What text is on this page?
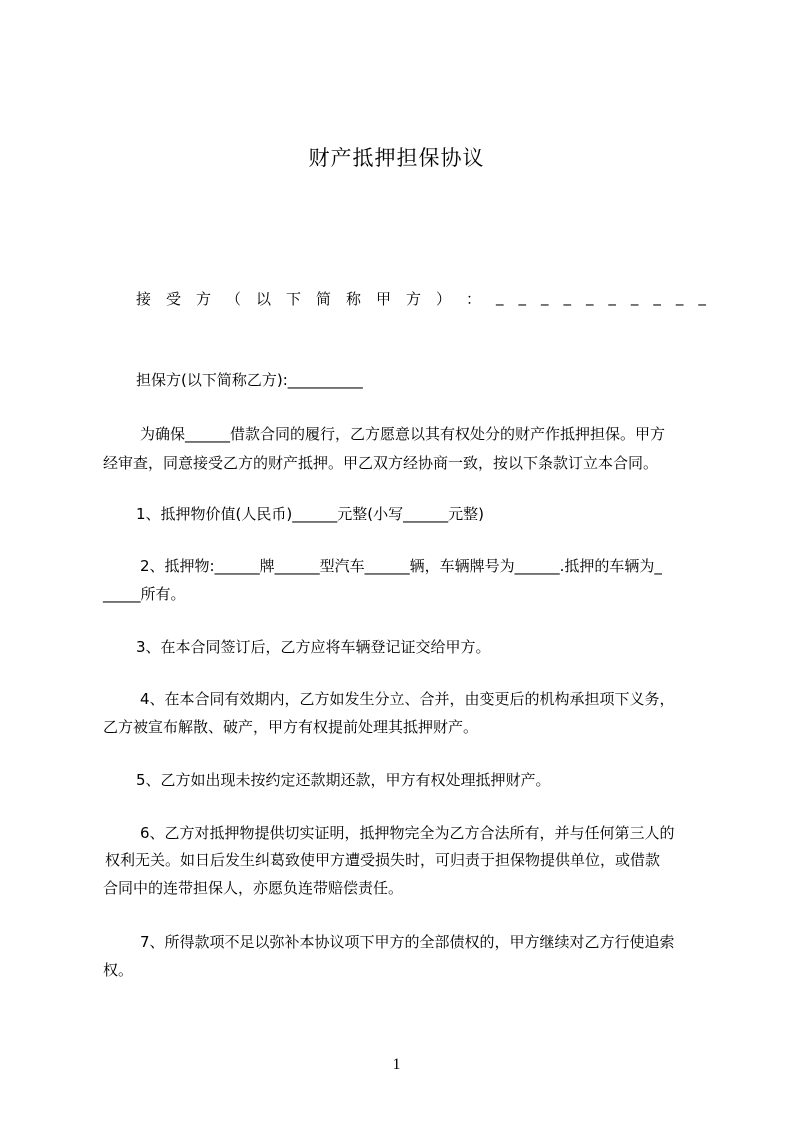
财产抵押担保协议
接 受 方 （ 以 下 简 称 甲 方 ） ： _ _ _ _ _ _ _ _ _ _
担保方(以下简称乙方):__________
为确保______借款合同的履行，乙方愿意以其有权处分的财产作抵押担保。甲方
经审查，同意接受乙方的财产抵押。甲乙双方经协商一致，按以下条款订立本合同。
1、抵押物价值(人民币)______元整(小写______元整)
2、抵押物:______牌______型汽车______辆，车辆牌号为______.抵押的车辆为_
_____所有。
3、在本合同签订后，乙方应将车辆登记证交给甲方。
4、在本合同有效期内，乙方如发生分立、合并，由变更后的机构承担项下义务，
乙方被宣布解散、破产，甲方有权提前处理其抵押财产。
5、乙方如出现未按约定还款期还款，甲方有权处理抵押财产。
6、乙方对抵押物提供切实证明，抵押物完全为乙方合法所有，并与任何第三人的
权利无关。如日后发生纠葛致使甲方遭受损失时，可归责于担保物提供单位，或借款
合同中的连带担保人，亦愿负连带赔偿责任。
7、所得款项不足以弥补本协议项下甲方的全部债权的，甲方继续对乙方行使追索
权。
1
